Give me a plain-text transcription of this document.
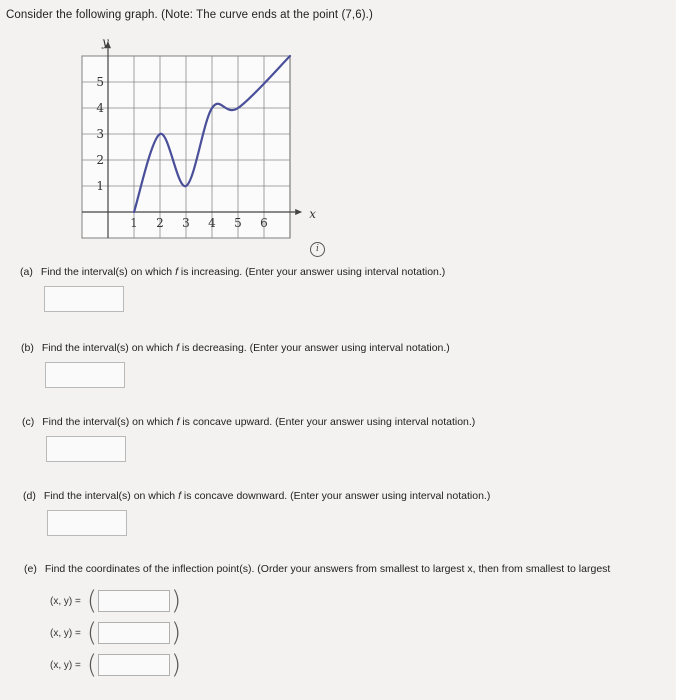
Consider the following graph. (Note: The curve ends at the point (7,6).)
1 2 3 4 5 6
1
2
3
4
5
y
x
i
(a) Find the interval(s) on which f is increasing. (Enter your answer using interval notation.)
(b) Find the interval(s) on which f is decreasing. (Enter your answer using interval notation.)
(c) Find the interval(s) on which f is concave upward. (Enter your answer using interval notation.)
(d) Find the interval(s) on which f is concave downward. (Enter your answer using interval notation.)
(e) Find the coordinates of the inflection point(s). (Order your answers from smallest to largest x, then from smallest to largest
(x, y) = (	)
(x, y) = (	)
(x, y) = (	)
